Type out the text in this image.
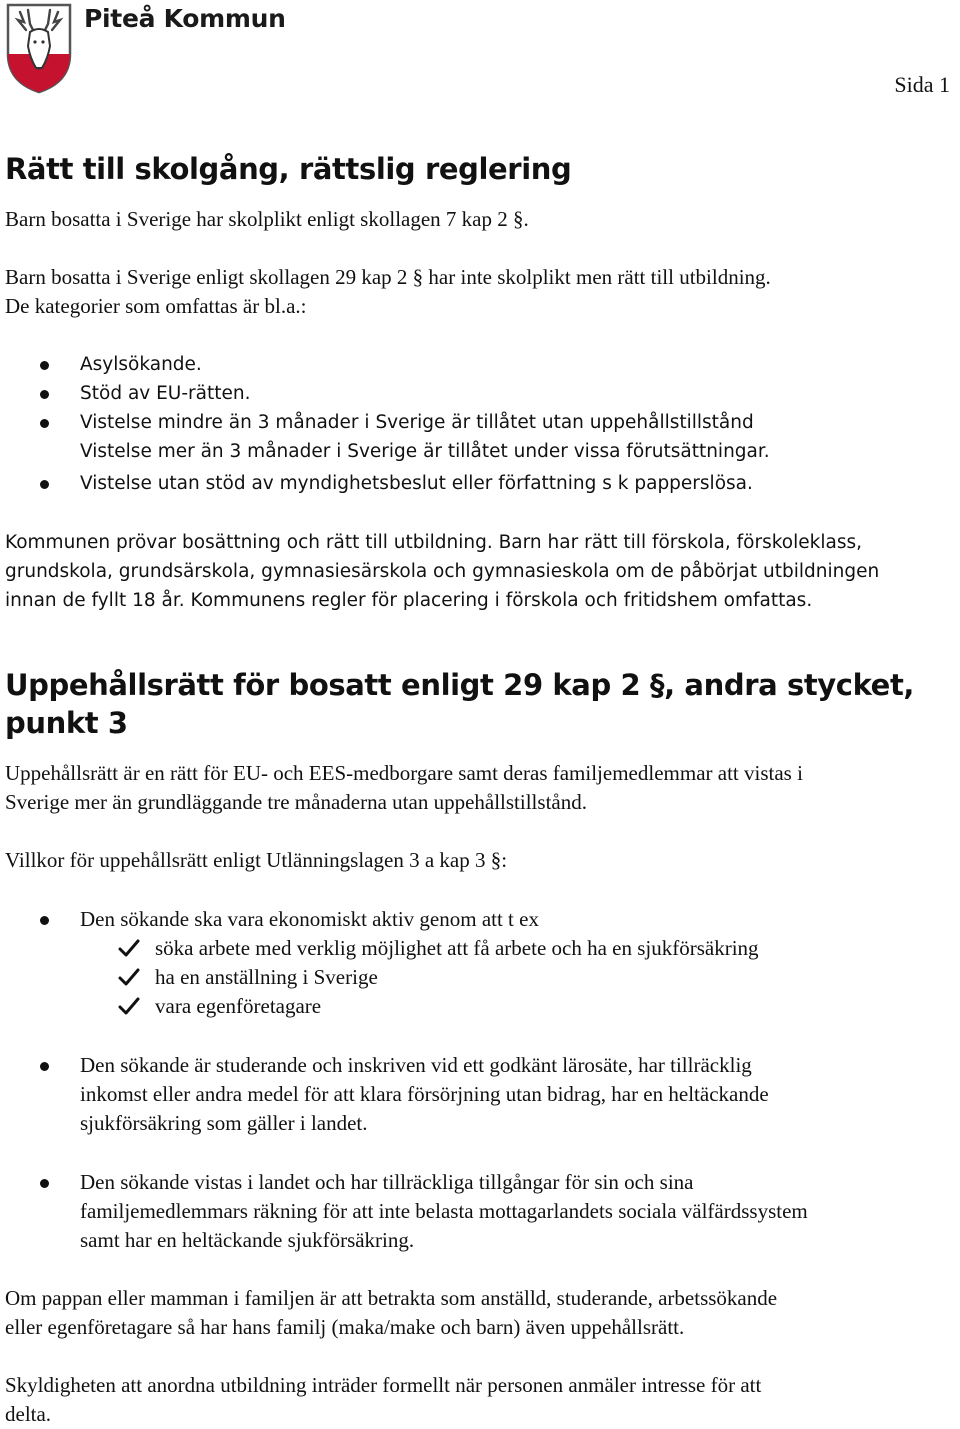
Piteå Kommun
Sida 1
Rätt till skolgång, rättslig reglering

Barn bosatta i Sverige har skolplikt enligt skollagen 7 kap 2 §.

Barn bosatta i Sverige enligt skollagen 29 kap 2 § har inte skolplikt men rätt till utbildning.
De kategorier som omfattas är bl.a.:

Asylsökande.
Stöd av EU-rätten.
Vistelse mindre än 3 månader i Sverige är tillåtet utan uppehållstillstånd
Vistelse mer än 3 månader i Sverige är tillåtet under vissa förutsättningar.
Vistelse utan stöd av myndighetsbeslut eller författning s k papperslösa.

Kommunen prövar bosättning och rätt till utbildning. Barn har rätt till förskola, förskoleklass,
grundskola, grundsärskola, gymnasiesärskola och gymnasieskola om de påbörjat utbildningen
innan de fyllt 18 år. Kommunens regler för placering i förskola och fritidshem omfattas.

Uppehållsrätt för bosatt enligt 29 kap 2 §, andra stycket,
punkt 3

Uppehållsrätt är en rätt för EU- och EES-medborgare samt deras familjemedlemmar att vistas i
Sverige mer än grundläggande tre månaderna utan uppehållstillstånd.

Villkor för uppehållsrätt enligt Utlänningslagen 3 a kap 3 §:

Den sökande ska vara ekonomiskt aktiv genom att t ex
söka arbete med verklig möjlighet att få arbete och ha en sjukförsäkring
ha en anställning i Sverige
vara egenföretagare
Den sökande är studerande och inskriven vid ett godkänt lärosäte, har tillräcklig
inkomst eller andra medel för att klara försörjning utan bidrag, har en heltäckande
sjukförsäkring som gäller i landet.
Den sökande vistas i landet och har tillräckliga tillgångar för sin och sina
familjemedlemmars räkning för att inte belasta mottagarlandets sociala välfärdssystem
samt har en heltäckande sjukförsäkring.

Om pappan eller mamman i familjen är att betrakta som anställd, studerande, arbetssökande
eller egenföretagare så har hans familj (maka/make och barn) även uppehållsrätt.

Skyldigheten att anordna utbildning inträder formellt när personen anmäler intresse för att
delta.
